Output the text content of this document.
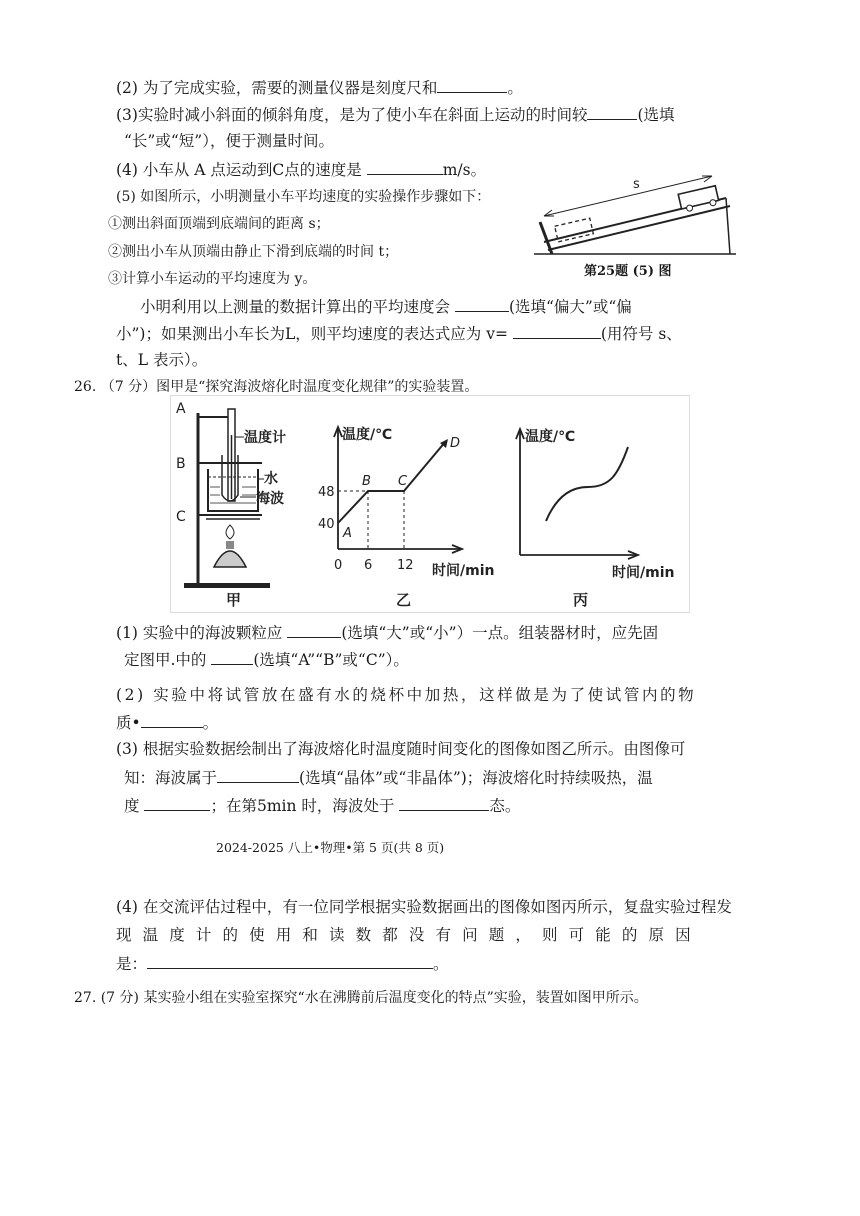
(2) 为了完成实验，需要的测量仪器是刻度尺和	。
(3)实验时减小斜面的倾斜角度，是为了使小车在斜面上运动的时间较	(选填
“长”或“短”），便于测量时间。
(4) 小车从 A 点运动到C点的速度是	m/s。
(5) 如图所示，小明测量小车平均速度的实验操作步骤如下：
①测出斜面顶端到底端间的距离 s；
②测出小车从顶端由静止下滑到底端的时间 t；
③计算小车运动的平均速度为 y。
s
第25题 (5) 图
小明利用以上测量的数据计算出的平均速度会	(选填“偏大”或“偏
小”)；如果测出小车长为L，则平均速度的表达式应为 v=	(用符号 s、
t、L 表示）。
26. （7 分）图甲是“探究海波熔化时温度变化规律”的实验装置。
A
B
C
温度计
水
海波
甲
温度/℃
48
40
0 6 12 时间/min
A
B C
D
乙
温度/℃
时间/min
丙
(1) 实验中的海波颗粒应	(选填“大”或“小”）一点。组装器材时，应先固
定图甲.中的	(选填“A”“B”或“C”）。
(2) 实验中将试管放在盛有水的烧杯中加热，这样做是为了使试管内的物
质•	。
(3) 根据实验数据绘制出了海波熔化时温度随时间变化的图像如图乙所示。由图像可
知：海波属于	(选填“晶体”或“非晶体”)；海波熔化时持续吸热，温
度	；在第5min 时，海波处于	态。
2024-2025 八上•物理•第 5 页(共 8 页)
(4) 在交流评估过程中，有一位同学根据实验数据画出的图像如图丙所示，复盘实验过程发
现 温 度 计 的 使 用 和 读 数 都 没 有 问 题 ， 则 可 能 的 原 因
是：	。
27. (7 分) 某实验小组在实验室探究“水在沸腾前后温度变化的特点”实验，装置如图甲所示。
